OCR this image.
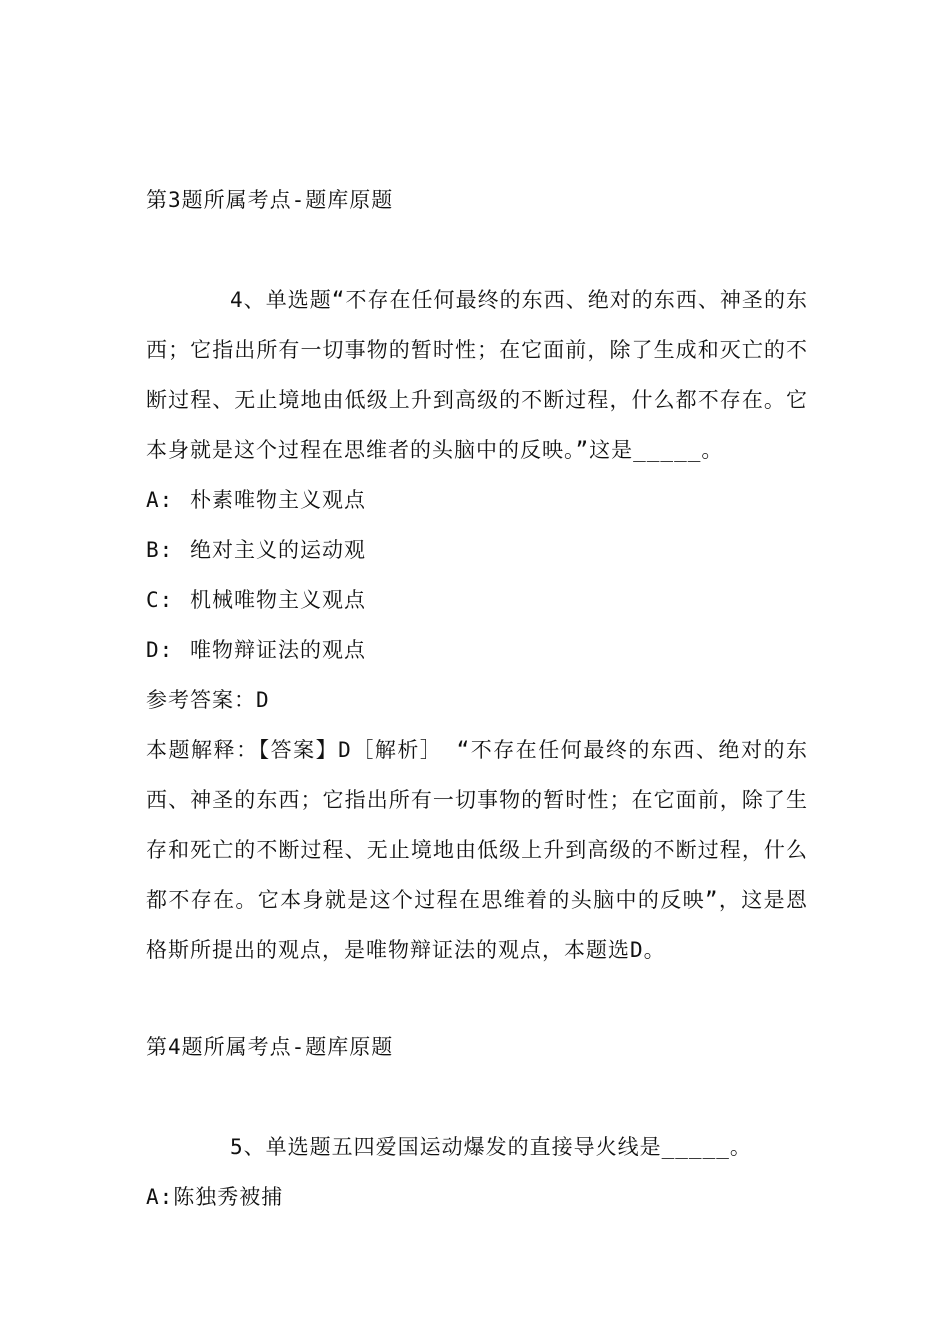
第3题所属考点-题库原题
4、单选题“不存在任何最终的东西、绝对的东西、神圣的东西；它指出所有一切事物的暂时性；在它面前，除了生成和灭亡的不断过程、无止境地由低级上升到高级的不断过程，什么都不存在。它本身就是这个过程在思维者的头脑中的反映。”这是_____。
A: 朴素唯物主义观点
B: 绝对主义的运动观
C: 机械唯物主义观点
D: 唯物辩证法的观点
参考答案：D
本题解释：【答案】D［解析］ “不存在任何最终的东西、绝对的东西、神圣的东西；它指出所有一切事物的暂时性；在它面前，除了生存和死亡的不断过程、无止境地由低级上升到高级的不断过程，什么都不存在。它本身就是这个过程在思维着的头脑中的反映”，这是恩格斯所提出的观点，是唯物辩证法的观点，本题选D。
第4题所属考点-题库原题
5、单选题五四爱国运动爆发的直接导火线是_____。
A:陈独秀被捕
